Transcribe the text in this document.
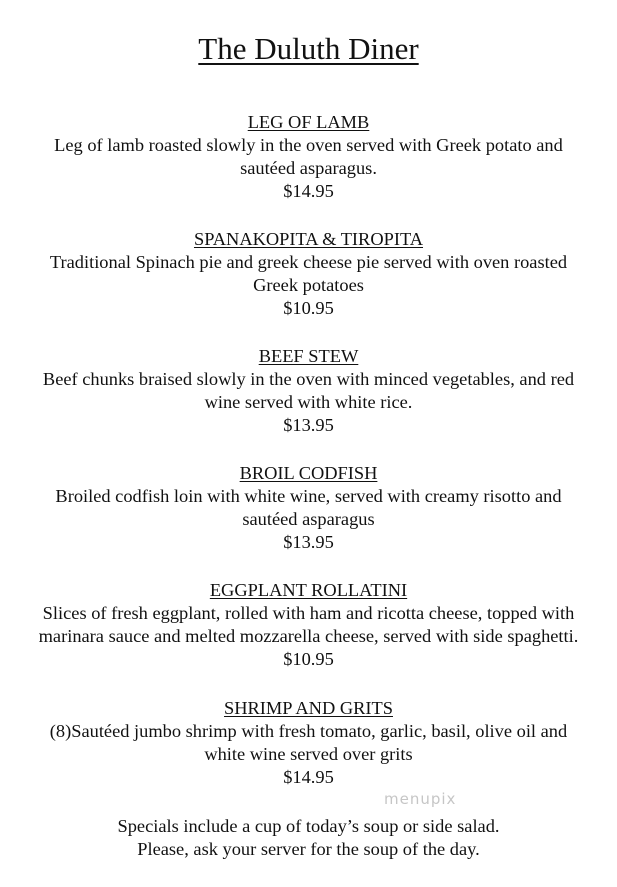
The Duluth Diner
LEG OF LAMB
Leg of lamb roasted slowly in the oven served with Greek potato and
sautéed asparagus.
$14.95
SPANAKOPITA & TIROPITA
Traditional Spinach pie and greek cheese pie served with oven roasted
Greek potatoes
$10.95
BEEF STEW
Beef chunks braised slowly in the oven with minced vegetables, and red
wine served with white rice.
$13.95
BROIL CODFISH
Broiled codfish loin with white wine, served with creamy risotto and
sautéed asparagus
$13.95
EGGPLANT ROLLATINI
Slices of fresh eggplant, rolled with ham and ricotta cheese, topped with
marinara sauce and melted mozzarella cheese, served with side spaghetti.
$10.95
SHRIMP AND GRITS
(8)Sautéed jumbo shrimp with fresh tomato, garlic, basil, olive oil and
white wine served over grits
$14.95
menupix
Specials include a cup of today’s soup or side salad.
Please, ask your server for the soup of the day.
